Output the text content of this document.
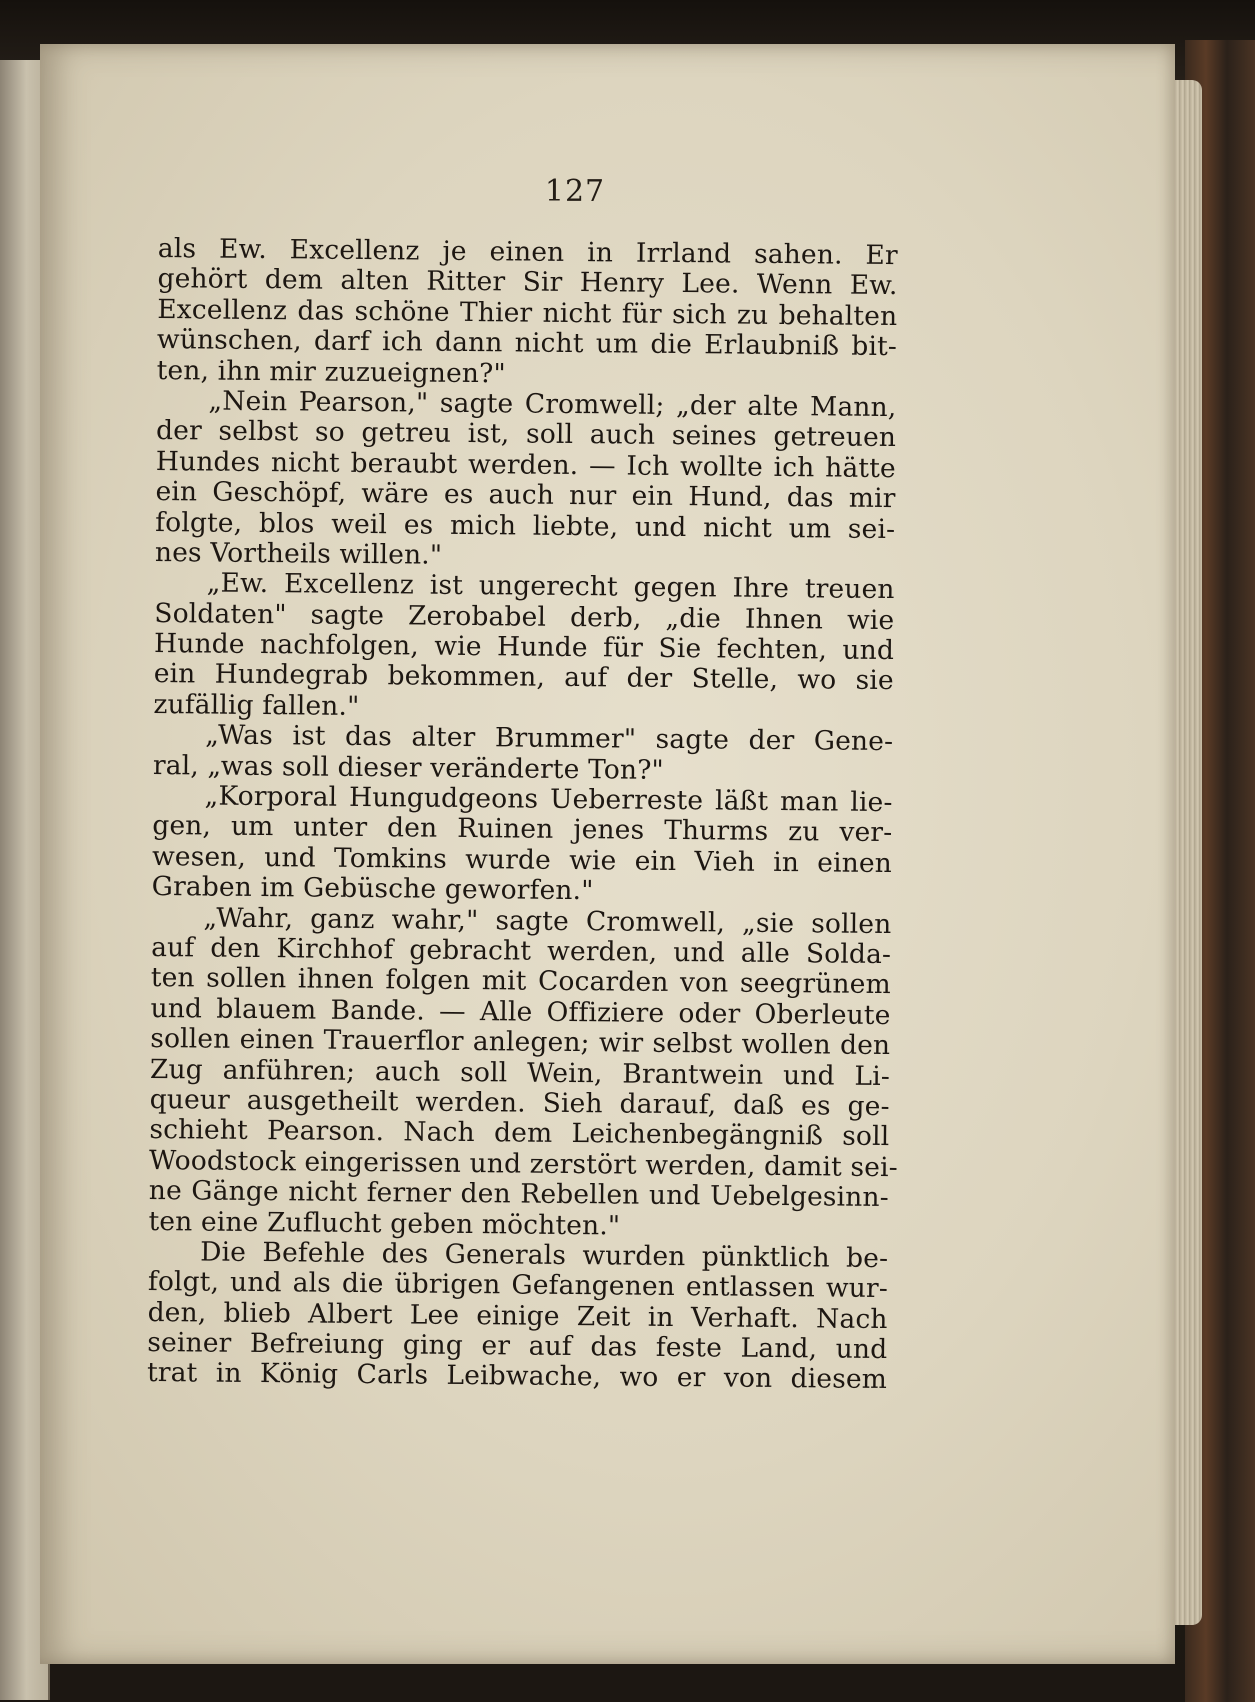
127
als Ew. Excellenz je einen in Irrland sahen. Er
gehört dem alten Ritter Sir Henry Lee. Wenn Ew.
Excellenz das schöne Thier nicht für sich zu behalten
wünschen, darf ich dann nicht um die Erlaubniß bit-
ten, ihn mir zuzueignen?"
„Nein Pearson," sagte Cromwell; „der alte Mann,
der selbst so getreu ist, soll auch seines getreuen
Hundes nicht beraubt werden. — Ich wollte ich hätte
ein Geschöpf, wäre es auch nur ein Hund, das mir
folgte, blos weil es mich liebte, und nicht um sei-
nes Vortheils willen."
„Ew. Excellenz ist ungerecht gegen Ihre treuen
Soldaten" sagte Zerobabel derb, „die Ihnen wie
Hunde nachfolgen, wie Hunde für Sie fechten, und
ein Hundegrab bekommen, auf der Stelle, wo sie
zufällig fallen."
„Was ist das alter Brummer" sagte der Gene-
ral, „was soll dieser veränderte Ton?"
„Korporal Hungudgeons Ueberreste läßt man lie-
gen, um unter den Ruinen jenes Thurms zu ver-
wesen, und Tomkins wurde wie ein Vieh in einen
Graben im Gebüsche geworfen."
„Wahr, ganz wahr," sagte Cromwell, „sie sollen
auf den Kirchhof gebracht werden, und alle Solda-
ten sollen ihnen folgen mit Cocarden von seegrünem
und blauem Bande. — Alle Offiziere oder Oberleute
sollen einen Trauerflor anlegen; wir selbst wollen den
Zug anführen; auch soll Wein, Brantwein und Li-
queur ausgetheilt werden. Sieh darauf, daß es ge-
schieht Pearson. Nach dem Leichenbegängniß soll
Woodstock eingerissen und zerstört werden, damit sei-
ne Gänge nicht ferner den Rebellen und Uebelgesinn-
ten eine Zuflucht geben möchten."
Die Befehle des Generals wurden pünktlich be-
folgt, und als die übrigen Gefangenen entlassen wur-
den, blieb Albert Lee einige Zeit in Verhaft. Nach
seiner Befreiung ging er auf das feste Land, und
trat in König Carls Leibwache, wo er von diesem
